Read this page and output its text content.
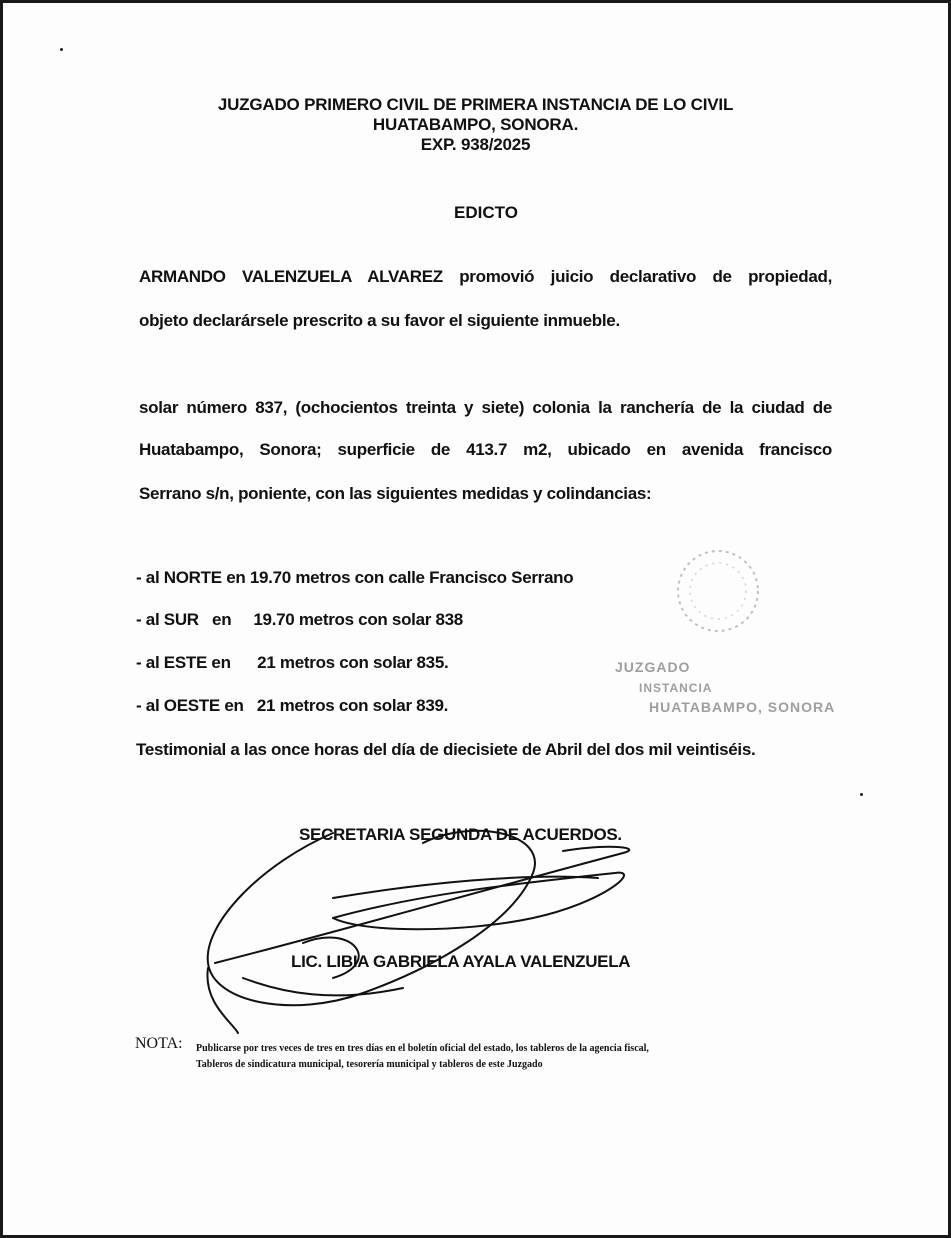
JUZGADO PRIMERO CIVIL DE PRIMERA INSTANCIA DE LO CIVIL
HUATABAMPO, SONORA.
EXP. 938/2025
EDICTO
ARMANDO VALENZUELA ALVAREZ promovió juicio declarativo de propiedad,
objeto declarársele prescrito a su favor el siguiente inmueble.
solar número 837, (ochocientos treinta y siete) colonia la ranchería de la ciudad de
Huatabampo, Sonora; superficie de 413.7 m2, ubicado en avenida francisco
Serrano s/n, poniente, con las siguientes medidas y colindancias:
- al NORTE en 19.70 metros con calle Francisco Serrano
- al SUR   en     19.70 metros con solar 838
- al ESTE en      21 metros con solar 835.
- al OESTE en   21 metros con solar 839.
Testimonial a las once horas del día de diecisiete de Abril del dos mil veintiséis.
JUZGADO
INSTANCIA
HUATABAMPO, SONORA
SECRETARIA SEGUNDA DE ACUERDOS.
LIC. LIBIA GABRIELA AYALA VALENZUELA
NOTA: Publicarse por tres veces de tres en tres días en el boletín oficial del estado, los tableros de la agencia fiscal,
Tableros de sindicatura municipal, tesorería municipal y tableros de este Juzgado
